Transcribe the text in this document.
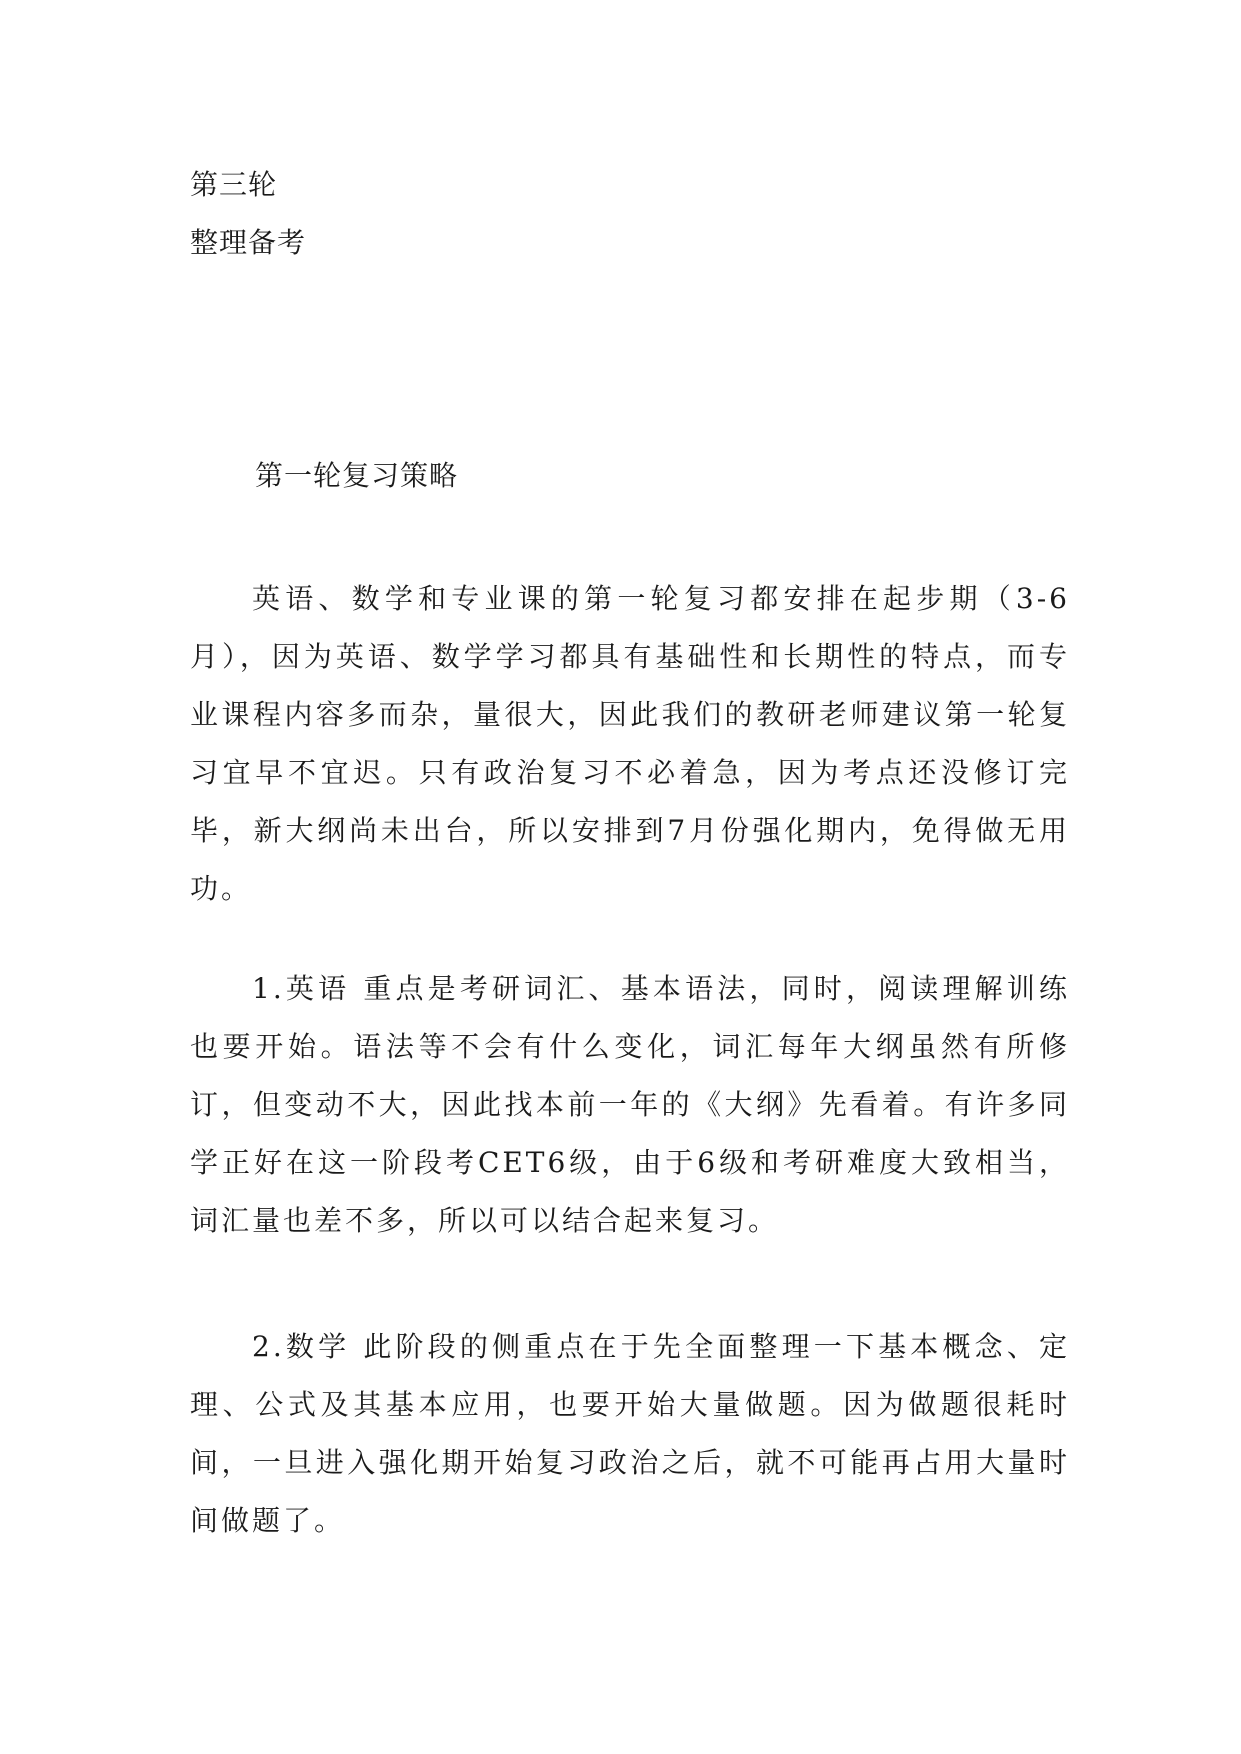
第三轮
整理备考
第一轮复习策略

英语、数学和专业课的第一轮复习都安排在起步期（3-6月），因为英语、数学学习都具有基础性和长期性的特点，而专业课程内容多而杂，量很大，因此我们的教研老师建议第一轮复习宜早不宜迟。只有政治复习不必着急，因为考点还没修订完毕，新大纲尚未出台，所以安排到7月份强化期内，免得做无用功。

1.英语 重点是考研词汇、基本语法，同时，阅读理解训练也要开始。语法等不会有什么变化，词汇每年大纲虽然有所修订，但变动不大，因此找本前一年的《大纲》先看着。有许多同学正好在这一阶段考CET6级，由于6级和考研难度大致相当，词汇量也差不多，所以可以结合起来复习。

2.数学 此阶段的侧重点在于先全面整理一下基本概念、定理、公式及其基本应用，也要开始大量做题。因为做题很耗时间，一旦进入强化期开始复习政治之后，就不可能再占用大量时间做题了。
